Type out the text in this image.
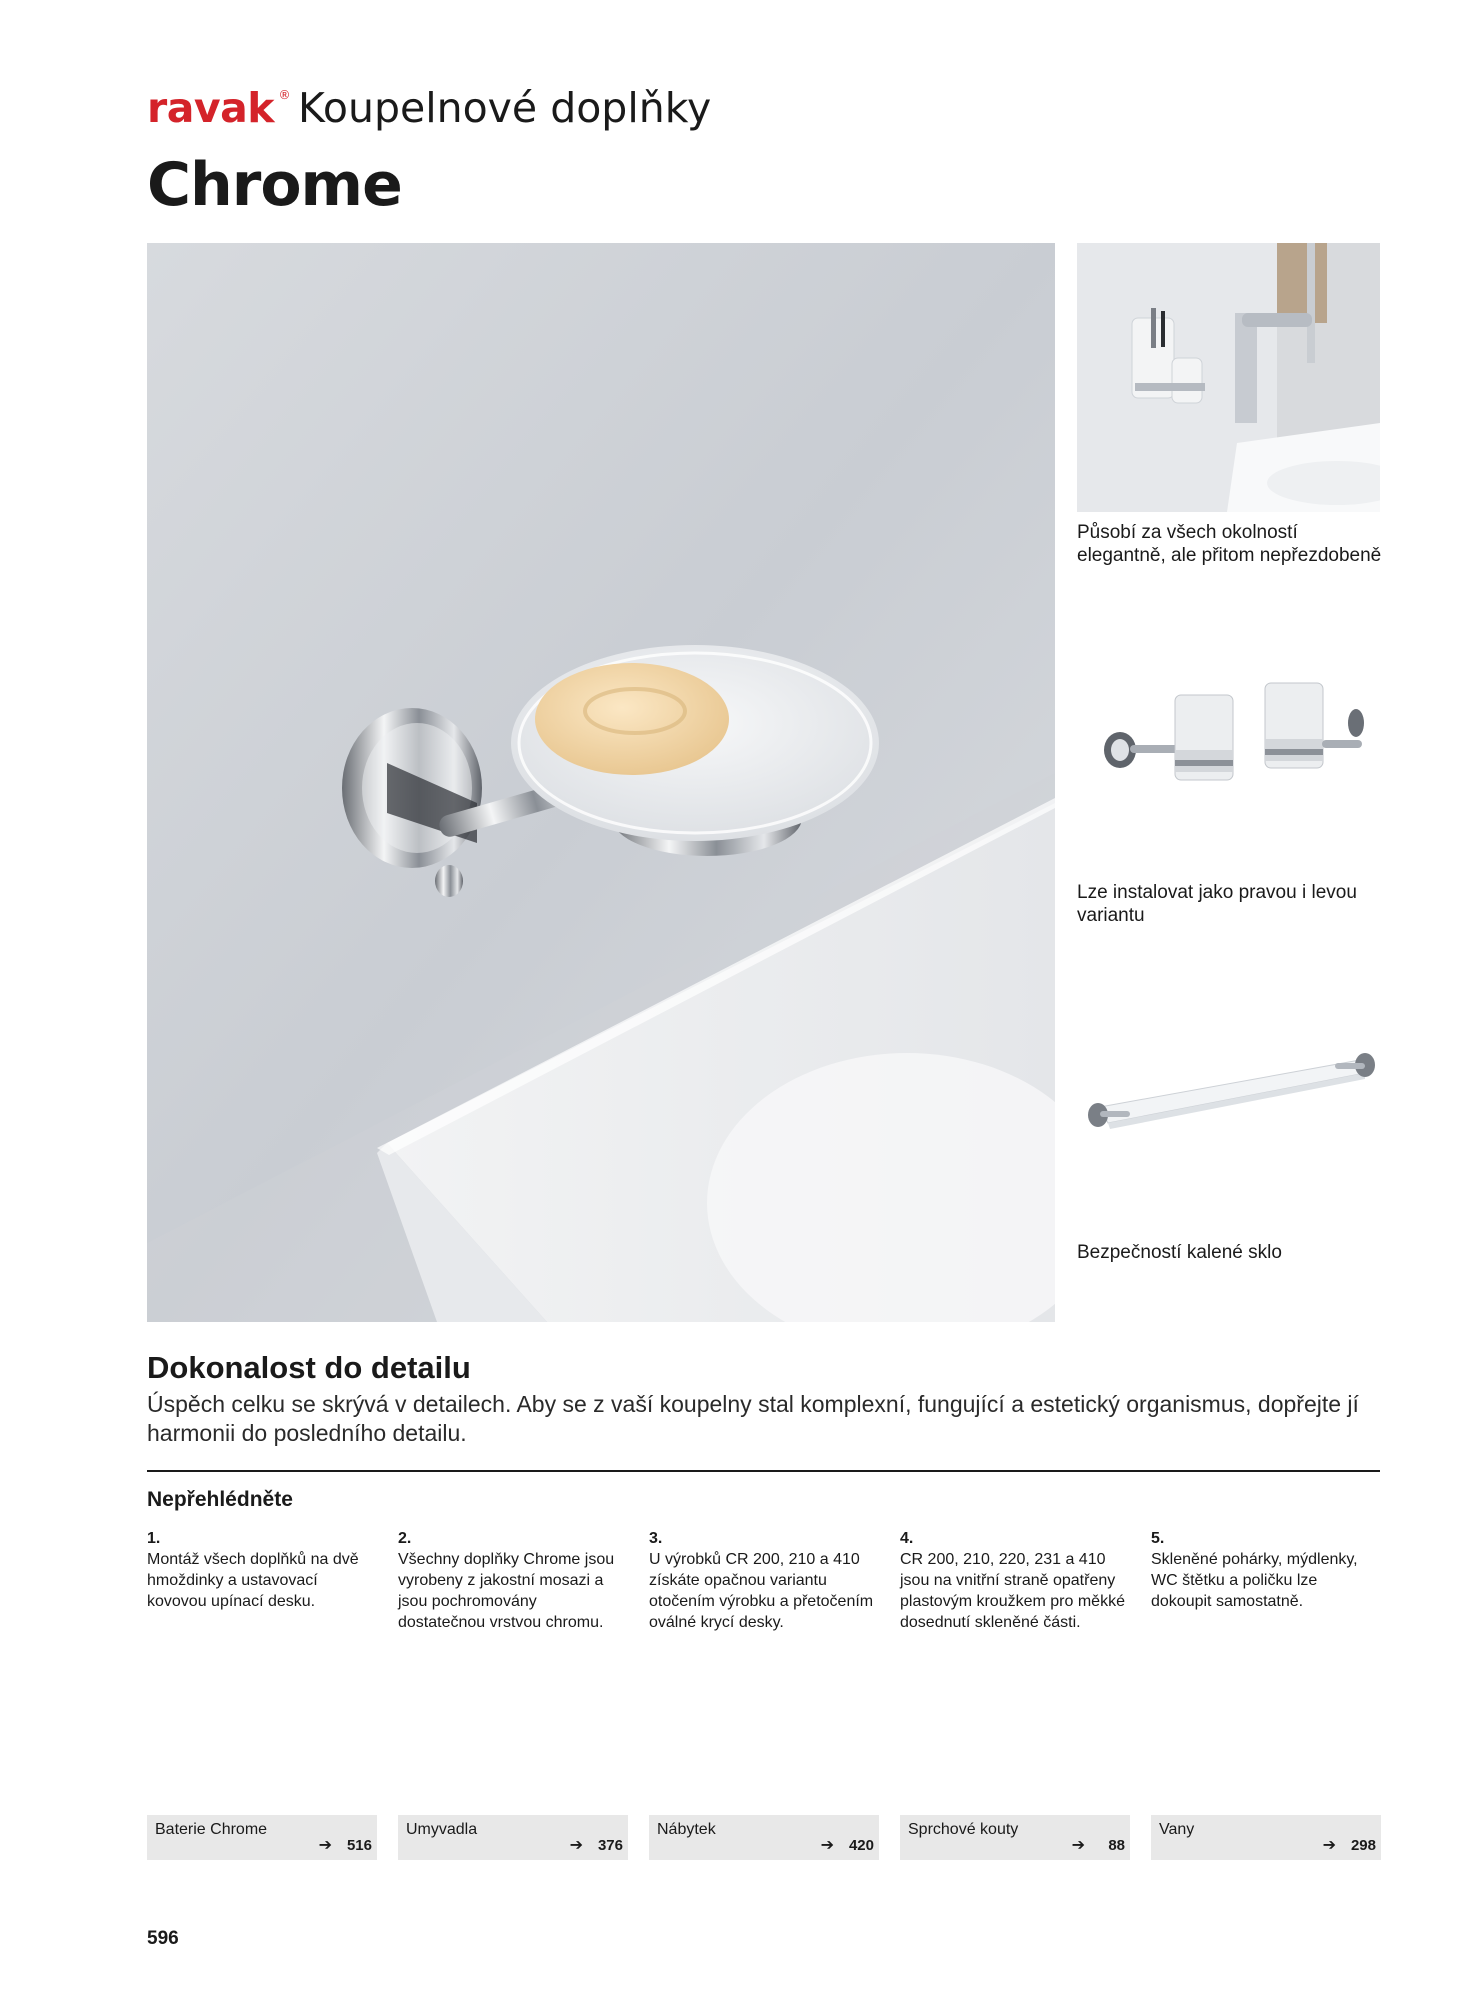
ravak ® Koupelnové doplňky
Chrome
Působí za všech okolností elegantně, ale přitom nepřezdobeně
Lze instalovat jako pravou i levou variantu
Bezpečností kalené sklo
Dokonalost do detailu
Úspěch celku se skrývá v detailech. Aby se z vaší koupelny stal komplexní, fungující a estetický organismus, dopřejte jí harmonii do posledního detailu.
Nepřehlédněte
1.
Montáž všech doplňků na dvě hmoždinky a ustavovací kovovou upínací desku.
2.
Všechny doplňky Chrome jsou vyrobeny z jakostní mosazi a jsou pochromovány dostatečnou vrstvou chromu.
3.
U výrobků CR 200, 210 a 410 získáte opačnou variantu otočením výrobku a přetočením oválné krycí desky.
4.
CR 200, 210, 220, 231 a 410 jsou na vnitřní straně opatřeny plastovým kroužkem pro měkké dosednutí skleněné části.
5.
Skleněné pohárky, mýdlenky, WC štětku a poličku lze dokoupit samostatně.
Baterie Chrome
➔ 516
Umyvadla
➔ 376
Nábytek
➔ 420
Sprchové kouty
➔ 88
Vany
➔ 298
596
